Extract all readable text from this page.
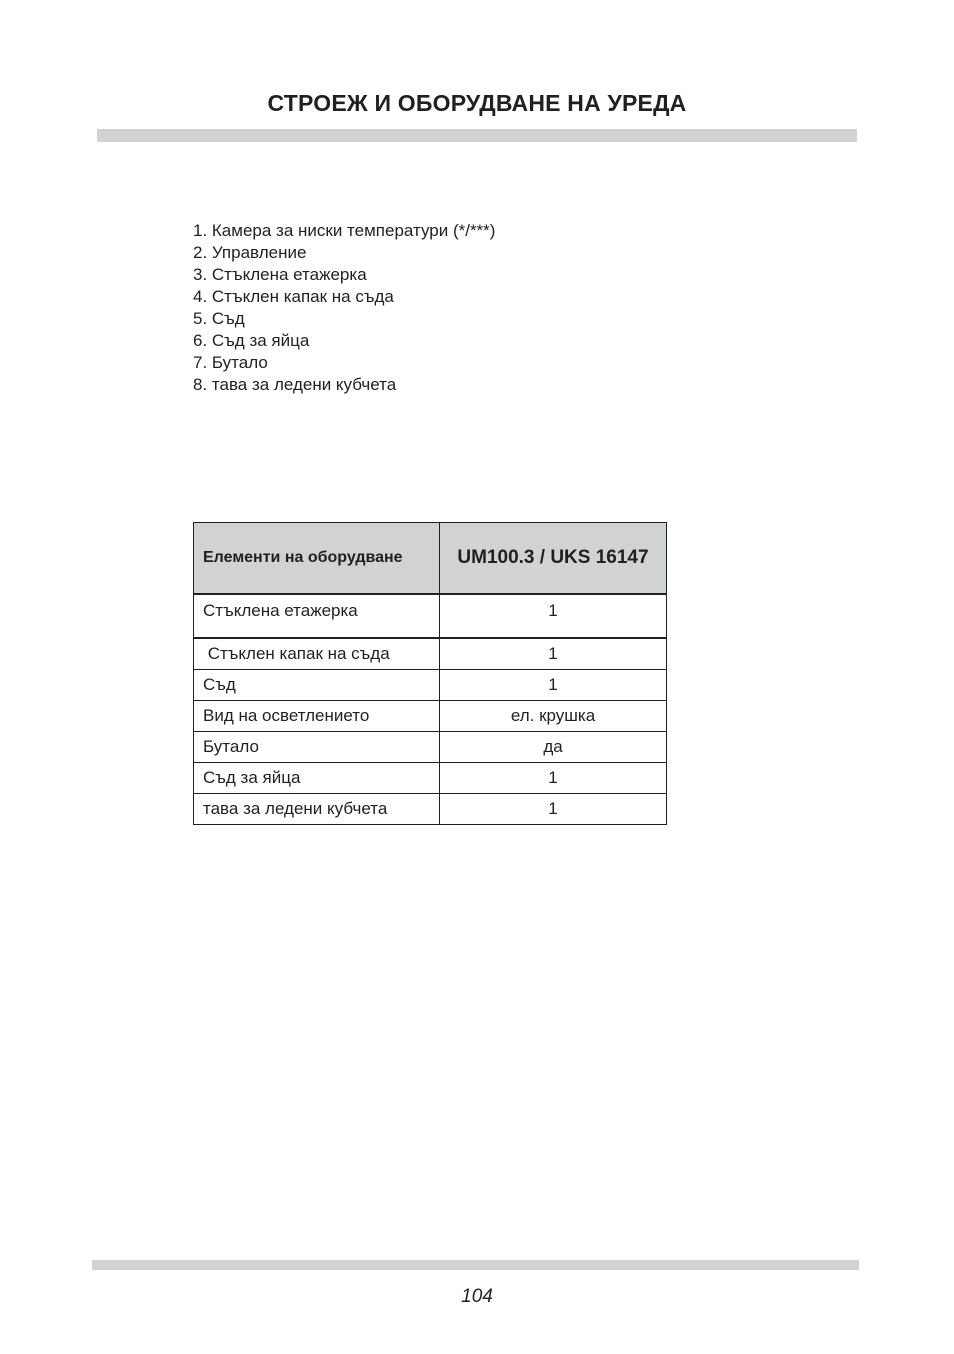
СТРОЕЖ И ОБОРУДВАНЕ НА УРЕДА
1. Камера за ниски температури (*/***)
2. Управление
3. Стъклена етажерка
4. Стъклен капак на съда
5. Съд
6. Съд за яйца
7. Бутало
8. тава за ледени кубчета
Елементи на оборудване	UM100.3 / UKS 16147
Стъклена етажерка	1
Стъклен капак на съда	1
Съд	1
Вид на осветлението	ел. крушка
Бутало	да
Съд за яйца	1
тава за ледени кубчета	1
104
